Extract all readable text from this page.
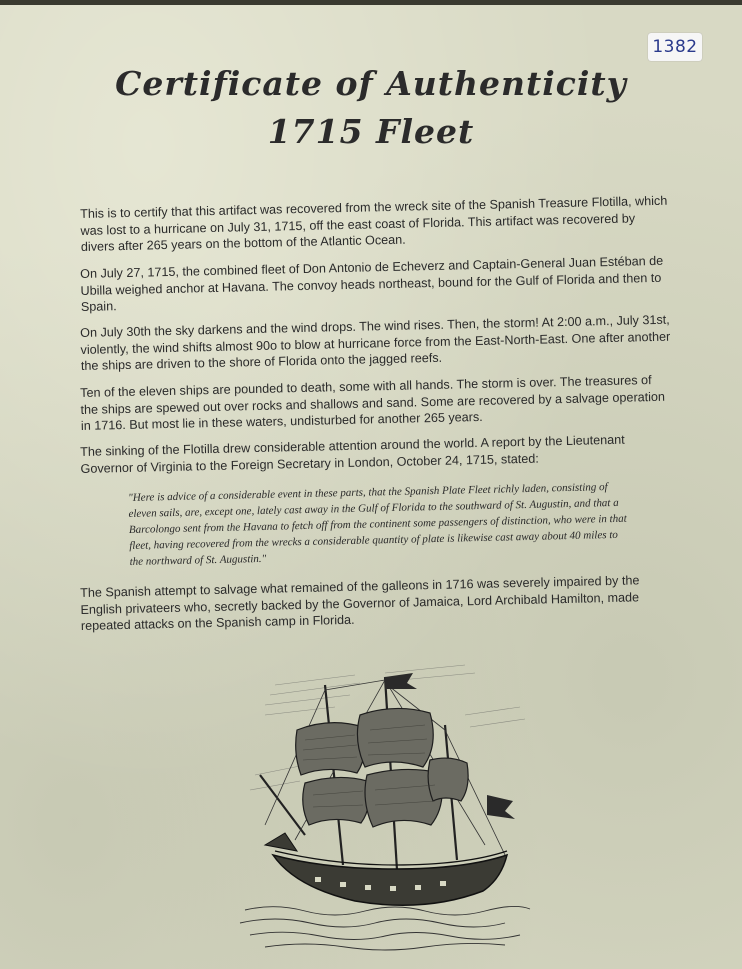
1382
Certificate of Authenticity
1715 Fleet

This is to certify that this artifact was recovered from the wreck site of the Spanish Treasure Flotilla, which was lost to a hurricane on July 31, 1715, off the east coast of Florida. This artifact was recovered by divers after 265 years on the bottom of the Atlantic Ocean.

On July 27, 1715, the combined fleet of Don Antonio de Echeverz and Captain-General Juan Estéban de Ubilla weighed anchor at Havana. The convoy heads northeast, bound for the Gulf of Florida and then to Spain.

On July 30th the sky darkens and the wind drops. The wind rises. Then, the storm! At 2:00 a.m., July 31st, violently, the wind shifts almost 90o to blow at hurricane force from the East-North-East. One after another the ships are driven to the shore of Florida onto the jagged reefs.

Ten of the eleven ships are pounded to death, some with all hands. The storm is over. The treasures of the ships are spewed out over rocks and shallows and sand. Some are recovered by a salvage operation in 1716. But most lie in these waters, undisturbed for another 265 years.

The sinking of the Flotilla drew considerable attention around the world. A report by the Lieutenant Governor of Virginia to the Foreign Secretary in London, October 24, 1715, stated:

"Here is advice of a considerable event in these parts, that the Spanish Plate Fleet richly laden, consisting of eleven sails, are, except one, lately cast away in the Gulf of Florida to the southward of St. Augustin, and that a Barcolongo sent from the Havana to fetch off from the continent some passengers of distinction, who were in that fleet, having recovered from the wrecks a considerable quantity of plate is likewise cast away about 40 miles to the northward of St. Augustin."

The Spanish attempt to salvage what remained of the galleons in 1716 was severely impaired by the English privateers who, secretly backed by the Governor of Jamaica, Lord Archibald Hamilton, made repeated attacks on the Spanish camp in Florida.
